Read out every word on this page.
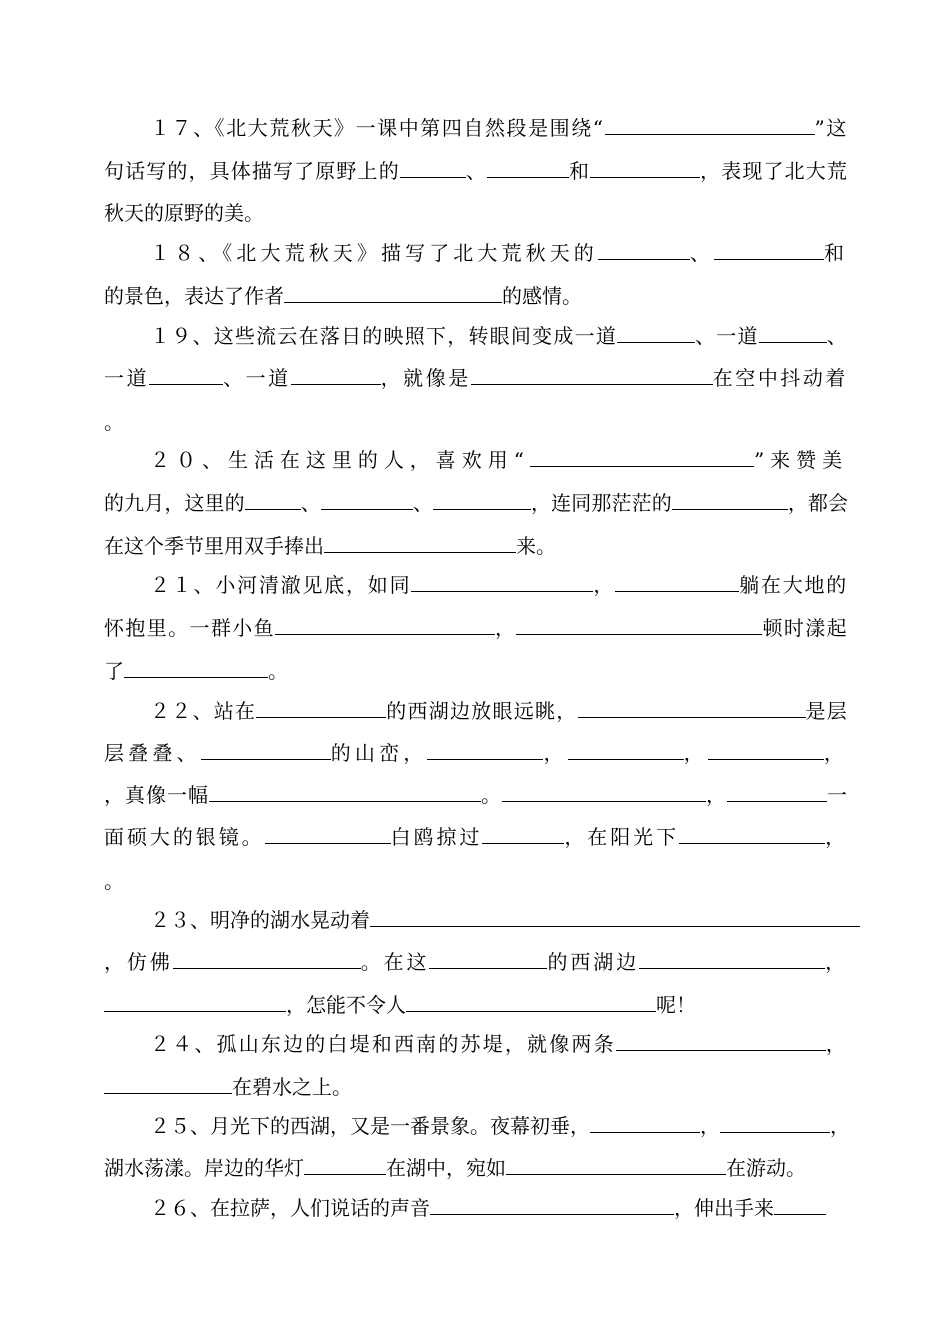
１７、《北大荒秋天》一课中第四自然段是围绕“	”这
句话写的，具体描写了原野上的	、	和	，表现了北大荒
秋天的原野的美。
１８、《北大荒秋天》描写了北大荒秋天的	、	和
的景色，表达了作者	的感情。
１９、这些流云在落日的映照下，转眼间变成一道	、一道	、
一道	、一道	，就像是	在空中抖动着
。
２０、生活在这里的人，喜欢用“	”来赞美
的九月，这里的	、	、	，连同那茫茫的	，都会
在这个季节里用双手捧出	来。
２１、小河清澈见底，如同	，	躺在大地的
怀抱里。一群小鱼	，	顿时漾起
了	。
２２、站在	的西湖边放眼远眺，	是层
层叠叠、	的山峦，	，	，	，
，真像一幅	。	，	一
面硕大的银镜。	白鸥掠过	，在阳光下	，
。
２３、明净的湖水晃动着
，仿佛	。在这	的西湖边	，
，怎能不令人	呢！
２４、孤山东边的白堤和西南的苏堤，就像两条	，
在碧水之上。
２５、月光下的西湖，又是一番景象。夜幕初垂，	，	，
湖水荡漾。岸边的华灯	在湖中，宛如	在游动。
２６、在拉萨，人们说话的声音	，伸出手来
